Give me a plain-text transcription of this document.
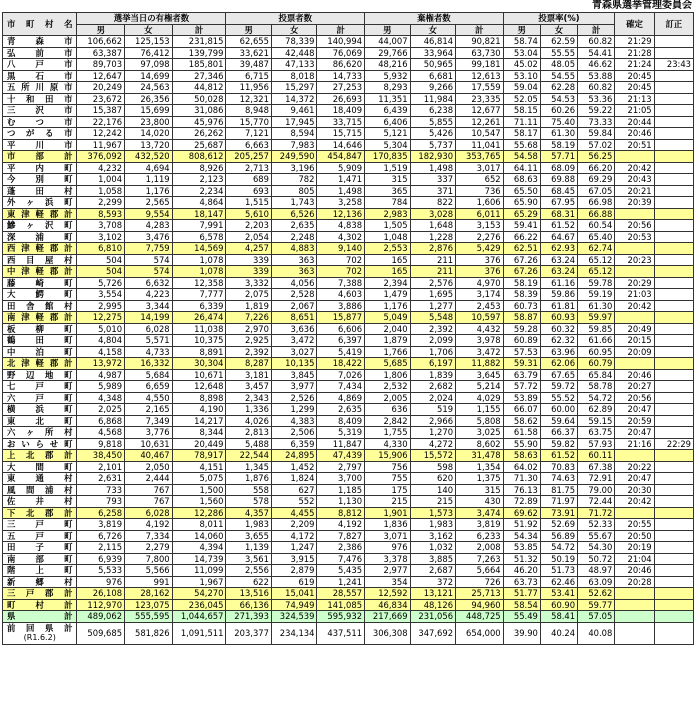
青森県選挙管理委員会
市　町　村　名	選挙当日の有権者数			投票者数			棄権者数			投票率(%)			確定	訂正
	男	女	計	男	女	計	男	女	計	男	女	計		
青森市	106,662	125,153	231,815	62,655	78,339	140,994	44,007	46,814	90,821	58.74	62.59	60.82	21:29	
弘前市	63,387	76,412	139,799	33,621	42,448	76,069	29,766	33,964	63,730	53.04	55.55	54.41	21:28	
八戸市	89,703	97,098	185,801	39,487	47,133	86,620	48,216	50,965	99,181	45.02	48.05	46.62	21:24	23:43
黒石市	12,647	14,699	27,346	6,715	8,018	14,733	5,932	6,681	12,613	53.10	54.55	53.88	20:45	
五所川原市	20,249	24,563	44,812	11,956	15,297	27,253	8,293	9,266	17,559	59.04	62.28	60.82	20:45	
十和田市	23,672	26,356	50,028	12,321	14,372	26,693	11,351	11,984	23,335	52.05	54.53	53.36	21:13	
三沢市	15,387	15,699	31,086	8,948	9,461	18,409	6,439	6,238	12,677	58.15	60.26	59.22	21:05	
むつ市	22,176	23,800	45,976	15,770	17,945	33,715	6,406	5,855	12,261	71.11	75.40	73.33	20:44	
つがる市	12,242	14,020	26,262	7,121	8,594	15,715	5,121	5,426	10,547	58.17	61.30	59.84	20:46	
平川市	11,967	13,720	25,687	6,663	7,983	14,646	5,304	5,737	11,041	55.68	58.19	57.02	20:51	
市部計	376,092	432,520	808,612	205,257	249,590	454,847	170,835	182,930	353,765	54.58	57.71	56.25		
平内町	4,232	4,694	8,926	2,713	3,196	5,909	1,519	1,498	3,017	64.11	68.09	66.20	20:42	
今別町	1,004	1,119	2,123	689	782	1,471	315	337	652	68.63	69.88	69.29	20:43	
蓬田村	1,058	1,176	2,234	693	805	1,498	365	371	736	65.50	68.45	67.05	20:21	
外ヶ浜町	2,299	2,565	4,864	1,515	1,743	3,258	784	822	1,606	65.90	67.95	66.98	20:39	
東津軽郡計	8,593	9,554	18,147	5,610	6,526	12,136	2,983	3,028	6,011	65.29	68.31	66.88		
鰺ヶ沢町	3,708	4,283	7,991	2,203	2,635	4,838	1,505	1,648	3,153	59.41	61.52	60.54	20:56	
深浦町	3,102	3,476	6,578	2,054	2,248	4,302	1,048	1,228	2,276	66.22	64.67	65.40	20:53	
西津軽郡計	6,810	7,759	14,569	4,257	4,883	9,140	2,553	2,876	5,429	62.51	62.93	62.74		
西目屋村	504	574	1,078	339	363	702	165	211	376	67.26	63.24	65.12	20:23	
中津軽郡計	504	574	1,078	339	363	702	165	211	376	67.26	63.24	65.12		
藤崎町	5,726	6,632	12,358	3,332	4,056	7,388	2,394	2,576	4,970	58.19	61.16	59.78	20:29	
大鰐町	3,554	4,223	7,777	2,075	2,528	4,603	1,479	1,695	3,174	58.39	59.86	59.19	21:03	
田舎館村	2,995	3,344	6,339	1,819	2,067	3,886	1,176	1,277	2,453	60.73	61.81	61.30	20:42	
南津軽郡計	12,275	14,199	26,474	7,226	8,651	15,877	5,049	5,548	10,597	58.87	60.93	59.97		
板柳町	5,010	6,028	11,038	2,970	3,636	6,606	2,040	2,392	4,432	59.28	60.32	59.85	20:49	
鶴田町	4,804	5,571	10,375	2,925	3,472	6,397	1,879	2,099	3,978	60.89	62.32	61.66	20:15	
中泊町	4,158	4,733	8,891	2,392	3,027	5,419	1,766	1,706	3,472	57.53	63.96	60.95	20:09	
北津軽郡計	13,972	16,332	30,304	8,287	10,135	18,422	5,685	6,197	11,882	59.31	62.06	60.79		
野辺地町	4,987	5,684	10,671	3,181	3,845	7,026	1,806	1,839	3,645	63.79	67.65	65.84	20:46	
七戸町	5,989	6,659	12,648	3,457	3,977	7,434	2,532	2,682	5,214	57.72	59.72	58.78	20:27	
六戸町	4,348	4,550	8,898	2,343	2,526	4,869	2,005	2,024	4,029	53.89	55.52	54.72	20:56	
横浜町	2,025	2,165	4,190	1,336	1,299	2,635	636	519	1,155	66.07	60.00	62.89	20:47	
東北町	6,868	7,349	14,217	4,026	4,383	8,409	2,842	2,966	5,808	58.62	59.64	59.15	20:59	
六ヶ所村	4,568	3,776	8,344	2,813	2,506	5,319	1,755	1,270	3,025	61.58	66.37	63.75	20:47	
おいらせ町	9,818	10,631	20,449	5,488	6,359	11,847	4,330	4,272	8,602	55.90	59.82	57.93	21:16	22:29
上北郡計	38,450	40,467	78,917	22,544	24,895	47,439	15,906	15,572	31,478	58.63	61.52	60.11		
大間町	2,101	2,050	4,151	1,345	1,452	2,797	756	598	1,354	64.02	70.83	67.38	20:22	
東通村	2,631	2,444	5,075	1,876	1,824	3,700	755	620	1,375	71.30	74.63	72.91	20:47	
風間浦村	733	767	1,500	558	627	1,185	175	140	315	76.13	81.75	79.00	20:30	
佐井村	793	767	1,560	578	552	1,130	215	215	430	72.89	71.97	72.44	20:42	
下北郡計	6,258	6,028	12,286	4,357	4,455	8,812	1,901	1,573	3,474	69.62	73.91	71.72		
三戸町	3,819	4,192	8,011	1,983	2,209	4,192	1,836	1,983	3,819	51.92	52.69	52.33	20:55	
五戸町	6,726	7,334	14,060	3,655	4,172	7,827	3,071	3,162	6,233	54.34	56.89	55.67	20:50	
田子町	2,115	2,279	4,394	1,139	1,247	2,386	976	1,032	2,008	53.85	54.72	54.30	20:19	
南部町	6,939	7,800	14,739	3,561	3,915	7,476	3,378	3,885	7,263	51.32	50.19	50.72	21:04	
階上町	5,533	5,566	11,099	2,556	2,879	5,435	2,977	2,687	5,664	46.20	51.73	48.97	20:46	
新郷村	976	991	1,967	622	619	1,241	354	372	726	63.73	62.46	63.09	20:28	
三戸郡計	26,108	28,162	54,270	13,516	15,041	28,557	12,592	13,121	25,713	51.77	53.41	52.62		
町村計	112,970	123,075	236,045	66,136	74,949	141,085	46,834	48,126	94,960	58.54	60.90	59.77		
県計	489,062	555,595	1,044,657	271,393	324,539	595,932	217,669	231,056	448,725	55.49	58.41	57.05		

前回県計
(R1.6.2)	509,685	581,826	1,091,511	203,377	234,134	437,511	306,308	347,692	654,000	39.90	40.24	40.08		
